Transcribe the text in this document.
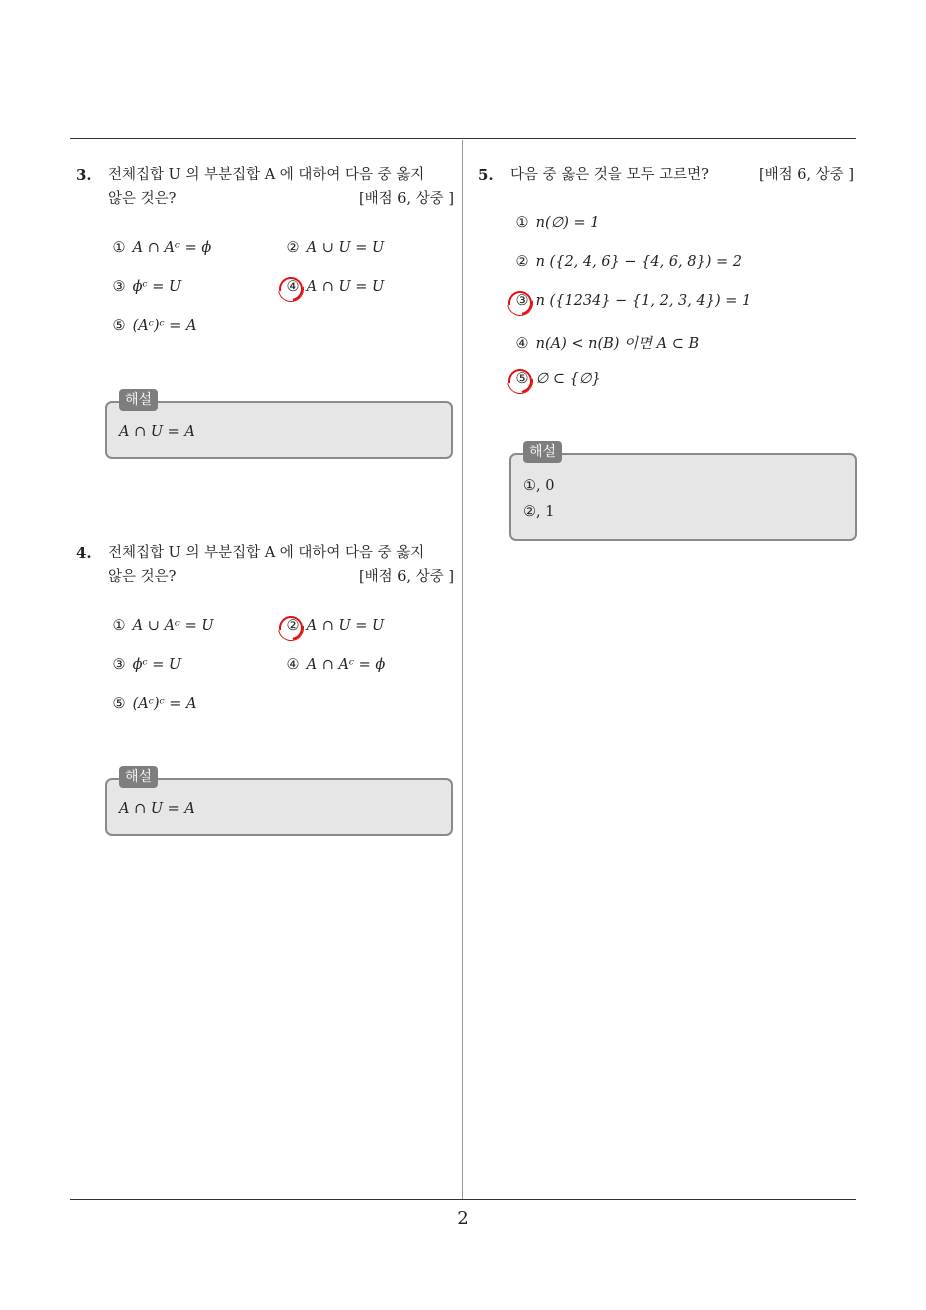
2
3. 전체집합 U 의 부분집합 A 에 대하여 다음 중 옳지
않은 것은?	[배점 6, 상중 ]
① A ∩ Aᶜ = ϕ	② A ∪ U = U
③ ϕᶜ = U	④ A ∩ U = U
⑤ (Aᶜ)ᶜ = A
해설
A ∩ U = A
4. 전체집합 U 의 부분집합 A 에 대하여 다음 중 옳지
않은 것은?	[배점 6, 상중 ]
① A ∪ Aᶜ = U	② A ∩ U = U
③ ϕᶜ = U	④ A ∩ Aᶜ = ϕ
⑤ (Aᶜ)ᶜ = A
해설
A ∩ U = A
5. 다음 중 옳은 것을 모두 고르면?	[배점 6, 상중 ]
① n(∅) = 1
② n ({2, 4, 6} − {4, 6, 8}) = 2
③ n ({1234} − {1, 2, 3, 4}) = 1
④ n(A) < n(B) 이면 A ⊂ B
⑤ ∅ ⊂ {∅}
해설
①, 0
②, 1
